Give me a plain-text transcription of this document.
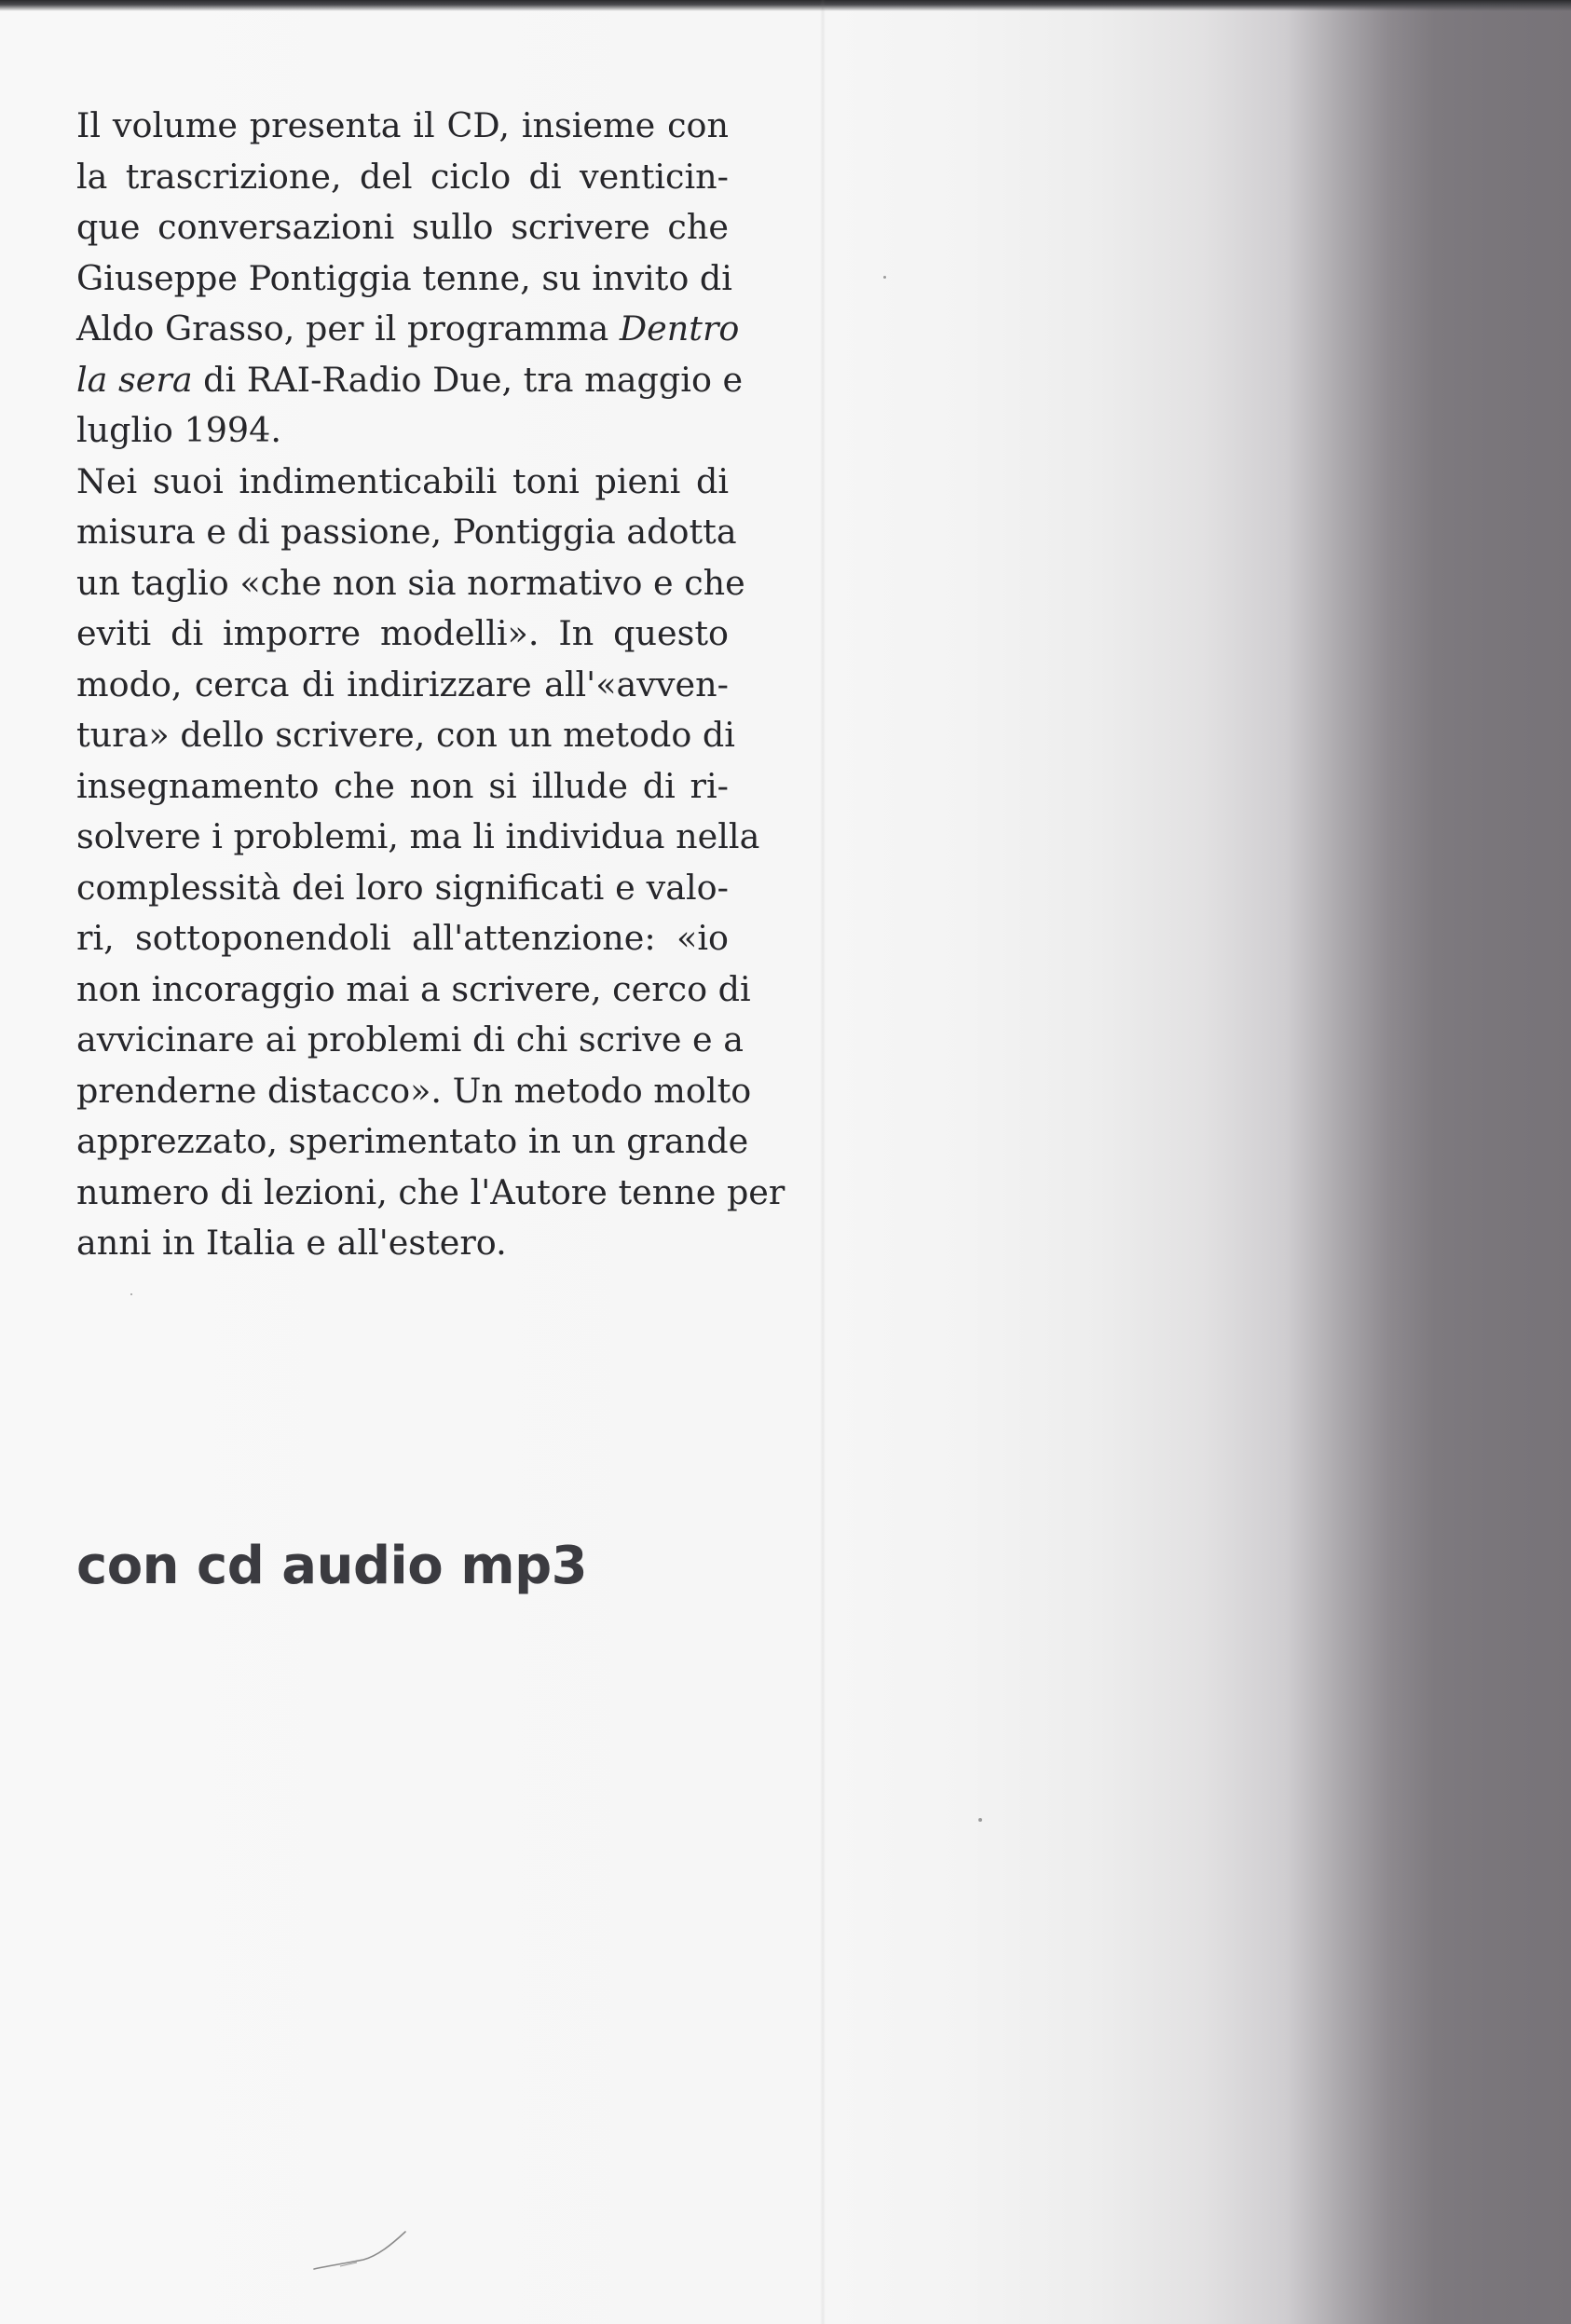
Il volume presenta il CD, insieme con
la trascrizione, del ciclo di venticin-
que conversazioni sullo scrivere che
Giuseppe Pontiggia tenne, su invito di
Aldo Grasso, per il programma Dentro
la sera di RAI-Radio Due, tra maggio e
luglio 1994.
Nei suoi indimenticabili toni pieni di
misura e di passione, Pontiggia adotta
un taglio «che non sia normativo e che
eviti di imporre modelli». In questo
modo, cerca di indirizzare all'«avven-
tura» dello scrivere, con un metodo di
insegnamento che non si illude di ri-
solvere i problemi, ma li individua nella
complessità dei loro significati e valo-
ri, sottoponendoli all'attenzione: «io
non incoraggio mai a scrivere, cerco di
avvicinare ai problemi di chi scrive e a
prenderne distacco». Un metodo molto
apprezzato, sperimentato in un grande
numero di lezioni, che l'Autore tenne per
anni in Italia e all'estero.
con cd audio mp3
